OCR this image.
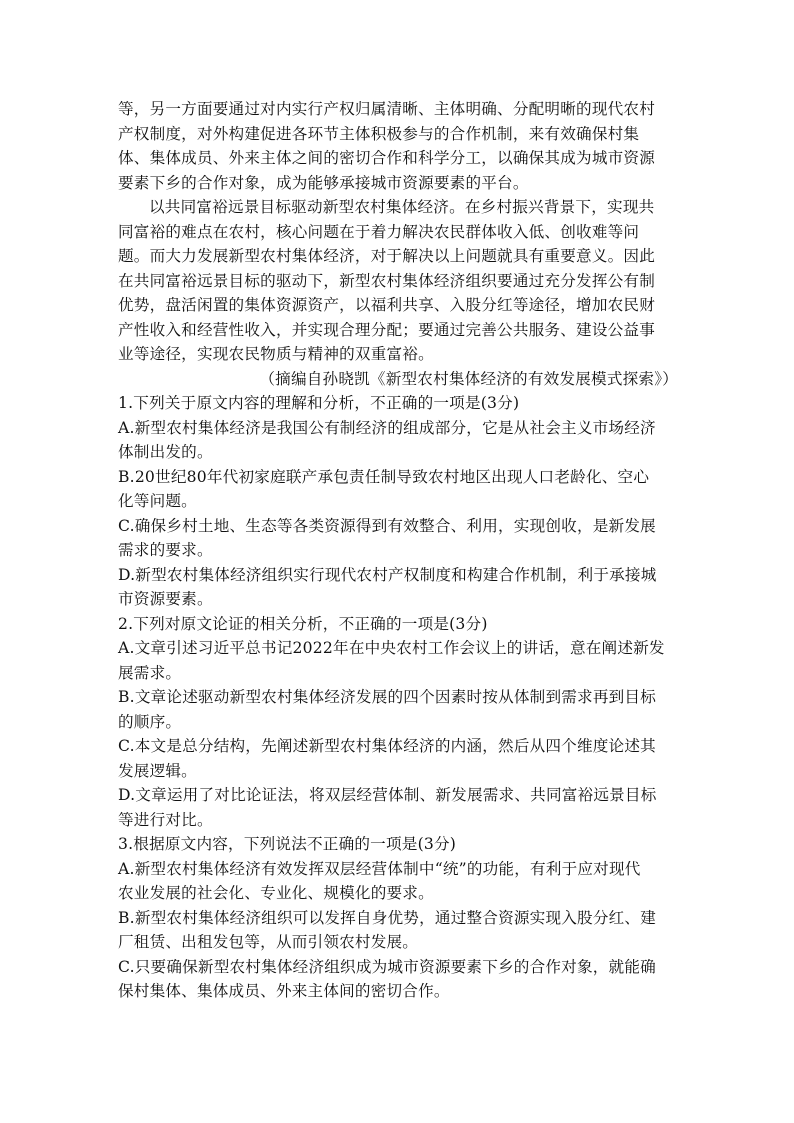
等，另一方面要通过对内实行产权归属清晰、主体明确、分配明晰的现代农村
产权制度，对外构建促进各环节主体积极参与的合作机制，来有效确保村集
体、集体成员、外来主体之间的密切合作和科学分工，以确保其成为城市资源
要素下乡的合作对象，成为能够承接城市资源要素的平台。
以共同富裕远景目标驱动新型农村集体经济。在乡村振兴背景下，实现共
同富裕的难点在农村，核心问题在于着力解决农民群体收入低、创收难等问
题。而大力发展新型农村集体经济，对于解决以上问题就具有重要意义。因此
在共同富裕远景目标的驱动下，新型农村集体经济组织要通过充分发挥公有制
优势，盘活闲置的集体资源资产，以福利共享、入股分红等途径，增加农民财
产性收入和经营性收入，并实现合理分配；要通过完善公共服务、建设公益事
业等途径，实现农民物质与精神的双重富裕。
（摘编自孙晓凯《新型农村集体经济的有效发展模式探索》）
1.下列关于原文内容的理解和分析，不正确的一项是(3分)
A.新型农村集体经济是我国公有制经济的组成部分，它是从社会主义市场经济
体制出发的。
B.20世纪80年代初家庭联产承包责任制导致农村地区出现人口老龄化、空心
化等问题。
C.确保乡村土地、生态等各类资源得到有效整合、利用，实现创收，是新发展
需求的要求。
D.新型农村集体经济组织实行现代农村产权制度和构建合作机制，利于承接城
市资源要素。
2.下列对原文论证的相关分析，不正确的一项是(3分)
A.文章引述习近平总书记2022年在中央农村工作会议上的讲话，意在阐述新发
展需求。
B.文章论述驱动新型农村集体经济发展的四个因素时按从体制到需求再到目标
的顺序。
C.本文是总分结构，先阐述新型农村集体经济的内涵，然后从四个维度论述其
发展逻辑。
D.文章运用了对比论证法，将双层经营体制、新发展需求、共同富裕远景目标
等进行对比。
3.根据原文内容，下列说法不正确的一项是(3分)
A.新型农村集体经济有效发挥双层经营体制中“统”的功能，有利于应对现代
农业发展的社会化、专业化、规模化的要求。
B.新型农村集体经济组织可以发挥自身优势，通过整合资源实现入股分红、建
厂租赁、出租发包等，从而引领农村发展。
C.只要确保新型农村集体经济组织成为城市资源要素下乡的合作对象，就能确
保村集体、集体成员、外来主体间的密切合作。
